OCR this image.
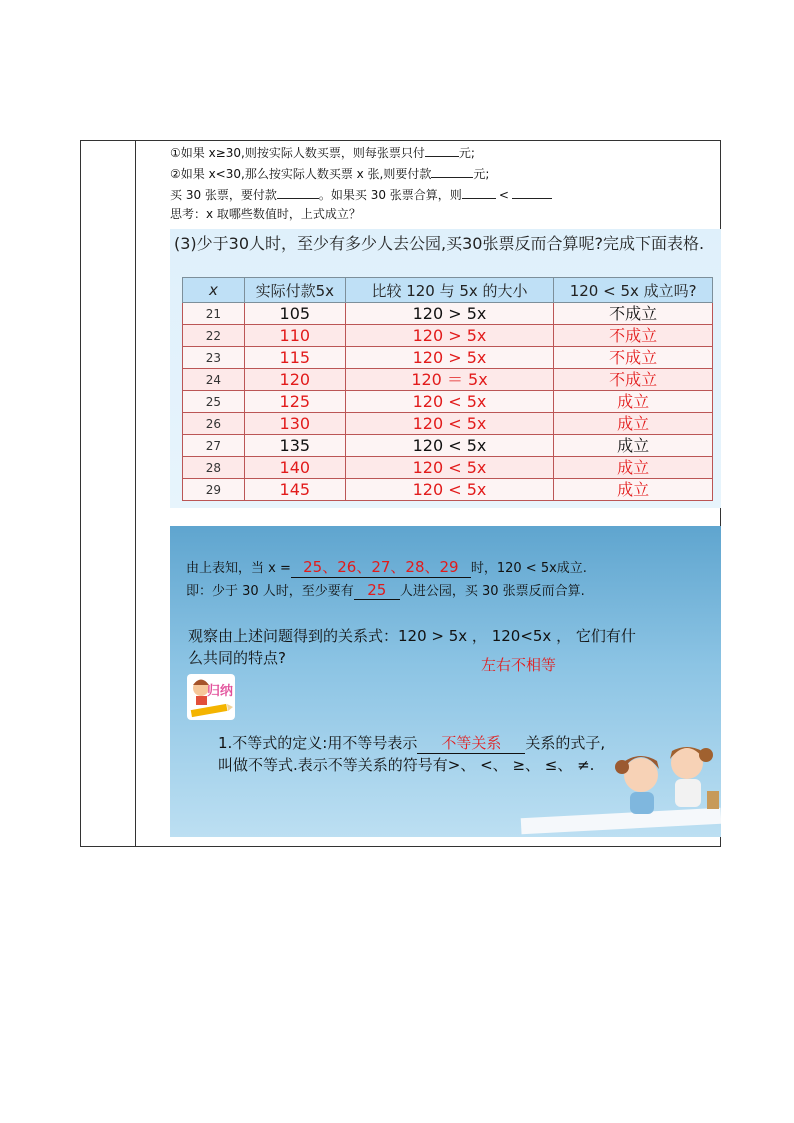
①如果 x≥30,则按实际人数买票，则每张票只付	元;
②如果 x<30,那么按实际人数买票 x 张,则要付款	元;
买 30 张票，要付款	。如果买 30 张票合算，则	<
思考：x 取哪些数值时，上式成立？
(3)少于30人时，至少有多少人去公园,买30张票反而合算呢?完成下面表格.
x	实际付款5x	比较 120 与 5x 的大小	120 < 5x 成立吗?
21	105	120 > 5x	不成立
22	110	120 > 5x	不成立
23	115	120 > 5x	不成立
24	120	120 ＝ 5x	不成立
25	125	120 < 5x	成立
26	130	120 < 5x	成立
27	135	120 < 5x	成立
28	140	120 < 5x	成立
29	145	120 < 5x	成立
由上表知，当 x = 25、26、27、28、29 时，120 < 5x成立.
即：少于 30 人时，至少要有 25 人进公园，买 30 张票反而合算.
观察由上述问题得到的关系式：120 > 5x ， 120<5x ， 它们有什
么共同的特点?	左右不相等
归纳
1.不等式的定义:用不等号表示 不等关系 关系的式子,
叫做不等式.表示不等关系的符号有>、 <、 ≥、 ≤、 ≠.
